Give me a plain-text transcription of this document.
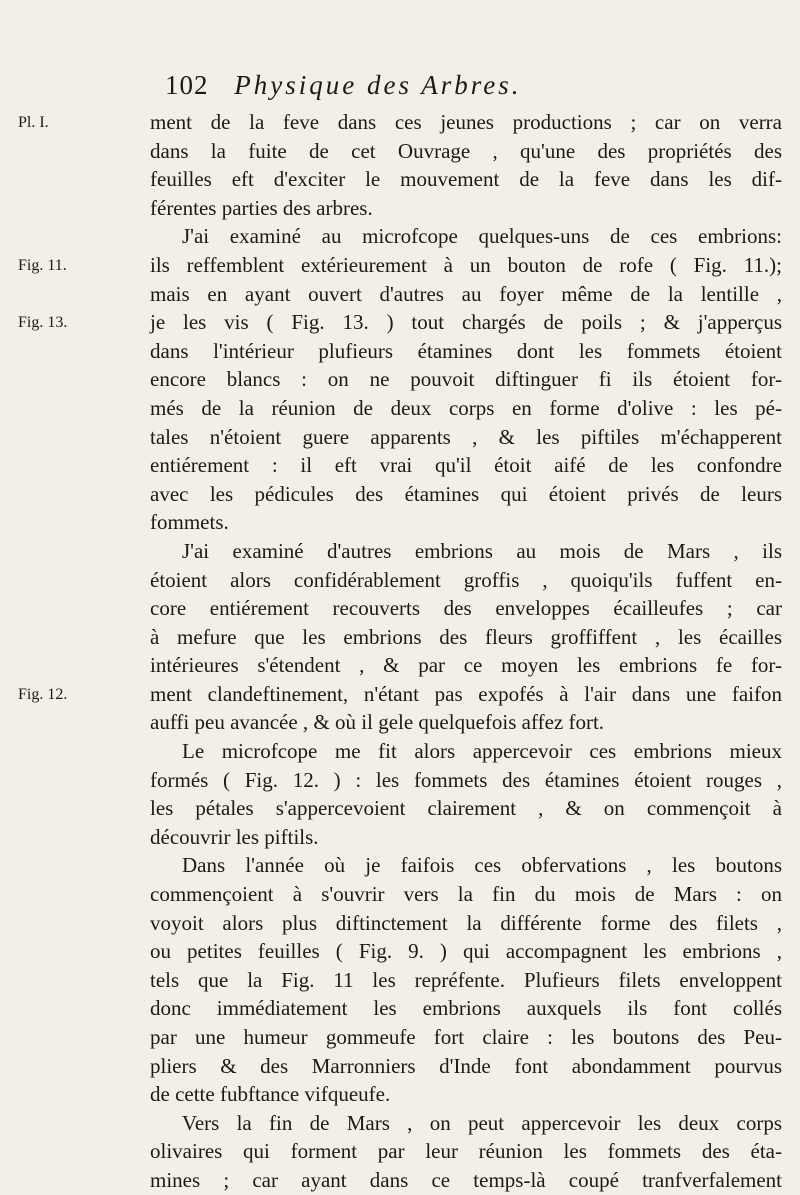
102 Physique des Arbres.
Pl. I.
Fig. 11.
Fig. 13.
Fig. 12.
ment de la feve dans ces jeunes productions ; car on verra
dans la fuite de cet Ouvrage , qu'une des propriétés des
feuilles eft d'exciter le mouvement de la feve dans les dif-
férentes parties des arbres.
J'ai examiné au microfcope quelques-uns de ces embrions:
ils reffemblent extérieurement à un bouton de rofe ( Fig. 11.);
mais en ayant ouvert d'autres au foyer même de la lentille ,
je les vis ( Fig. 13. ) tout chargés de poils ; & j'apperçus
dans l'intérieur plufieurs étamines dont les fommets étoient
encore blancs : on ne pouvoit diftinguer fi ils étoient for-
més de la réunion de deux corps en forme d'olive : les pé-
tales n'étoient guere apparents , & les piftiles m'échapperent
entiérement : il eft vrai qu'il étoit aifé de les confondre
avec les pédicules des étamines qui étoient privés de leurs
fommets.
J'ai examiné d'autres embrions au mois de Mars , ils
étoient alors confidérablement groffis , quoiqu'ils fuffent en-
core entiérement recouverts des enveloppes écailleufes ; car
à mefure que les embrions des fleurs groffiffent , les écailles
intérieures s'étendent , & par ce moyen les embrions fe for-
ment clandeftinement, n'étant pas expofés à l'air dans une faifon
auffi peu avancée , & où il gele quelquefois affez fort.
Le microfcope me fit alors appercevoir ces embrions mieux
formés ( Fig. 12. ) : les fommets des étamines étoient rouges ,
les pétales s'appercevoient clairement , & on commençoit à
découvrir les piftils.
Dans l'année où je faifois ces obfervations , les boutons
commençoient à s'ouvrir vers la fin du mois de Mars : on
voyoit alors plus diftinctement la différente forme des filets ,
ou petites feuilles ( Fig. 9. ) qui accompagnent les embrions ,
tels que la Fig. 11 les repréfente. Plufieurs filets enveloppent
donc immédiatement les embrions auxquels ils font collés
par une humeur gommeufe fort claire : les boutons des Peu-
pliers & des Marronniers d'Inde font abondamment pourvus
de cette fubftance vifqueufe.
Vers la fin de Mars , on peut appercevoir les deux corps
olivaires qui forment par leur réunion les fommets des éta-
mines ; car ayant dans ce temps-là coupé tranfverfalement
